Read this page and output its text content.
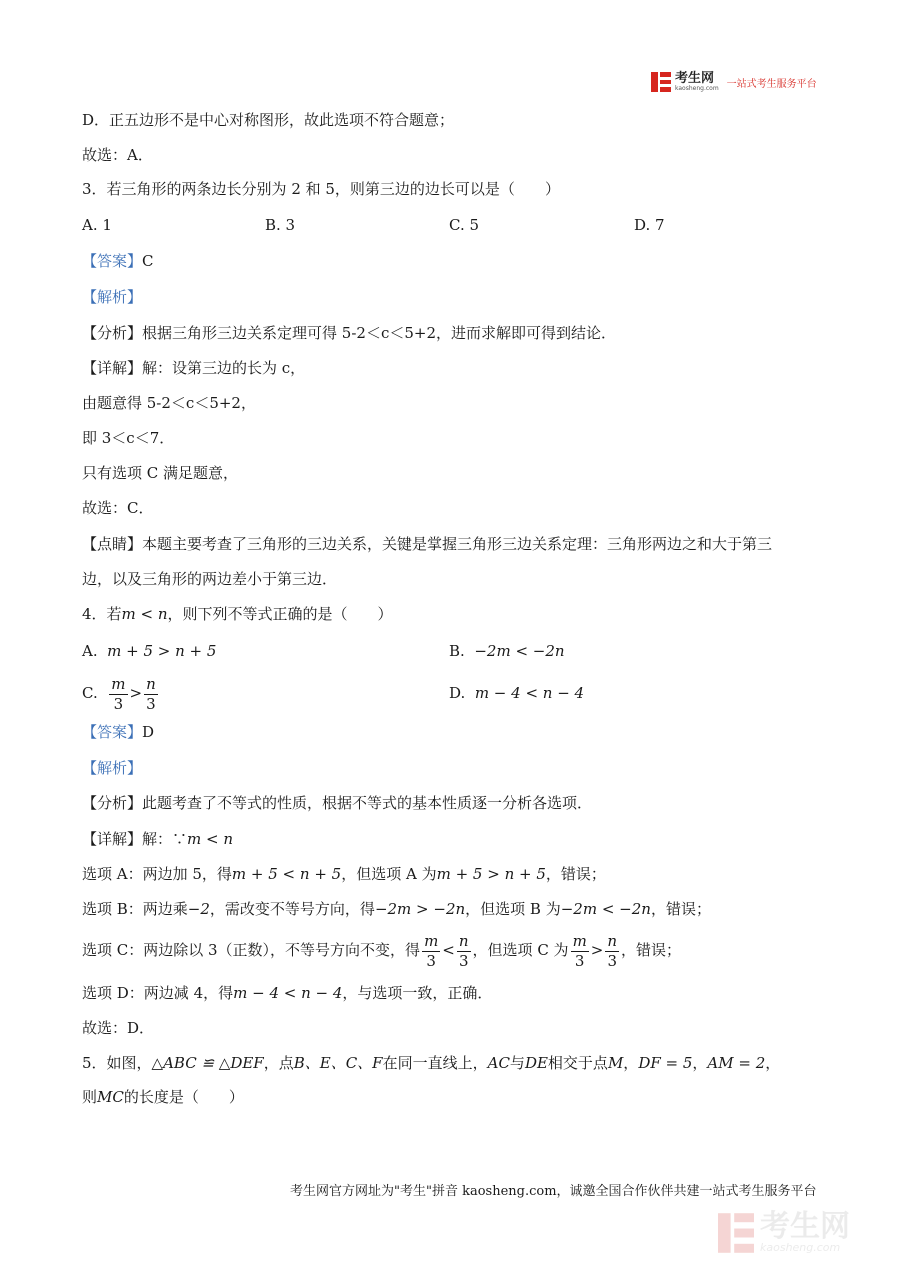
考生网
kaosheng.com 一站式考生服务平台
D．正五边形不是中心对称图形，故此选项不符合题意；
故选：A．
3．若三角形的两条边长分别为 2 和 5，则第三边的边长可以是（　　）
A. 1	B. 3	C. 5	D. 7
【答案】C
【解析】
【分析】根据三角形三边关系定理可得 5-2＜c＜5+2，进而求解即可得到结论．
【详解】解：设第三边的长为 c，
由题意得 5-2＜c＜5+2，
即 3＜c＜7．
只有选项 C 满足题意，
故选：C．
【点睛】本题主要考查了三角形的三边关系，关键是掌握三角形三边关系定理：三角形两边之和大于第三
边，以及三角形的两边差小于第三边．
4．若m < n，则下列不等式正确的是（　　）
A. m + 5 > n + 5	B. −2m < −2n
C. $\frac{m}{3} > \frac{n}{3}$	D. m − 4 < n − 4
【答案】D
【解析】
【分析】此题考查了不等式的性质，根据不等式的基本性质逐一分析各选项．
【详解】解：∵m < n
选项 A：两边加 5，得m + 5 < n + 5，但选项 A 为m + 5 > n + 5，错误；
选项 B：两边乘−2，需改变不等号方向，得−2m > −2n，但选项 B 为−2m < −2n，错误；
选项 C：两边除以 3（正数），不等号方向不变，得 $\frac{m}{3} < \frac{n}{3}$ ，但选项 C 为 $\frac{m}{3} > \frac{n}{3}$ ，错误；
选项 D：两边减 4，得m − 4 < n − 4，与选项一致，正确．
故选：D．
5．如图，△ABC ≌ △DEF，点B、E、C、F在同一直线上，AC与DE相交于点M，DF = 5，AM = 2，
则MC的长度是（　　）
考生网官方网址为"考生"拼音 kaosheng.com，诚邀全国合作伙伴共建一站式考生服务平台
考生网
kaosheng.com
